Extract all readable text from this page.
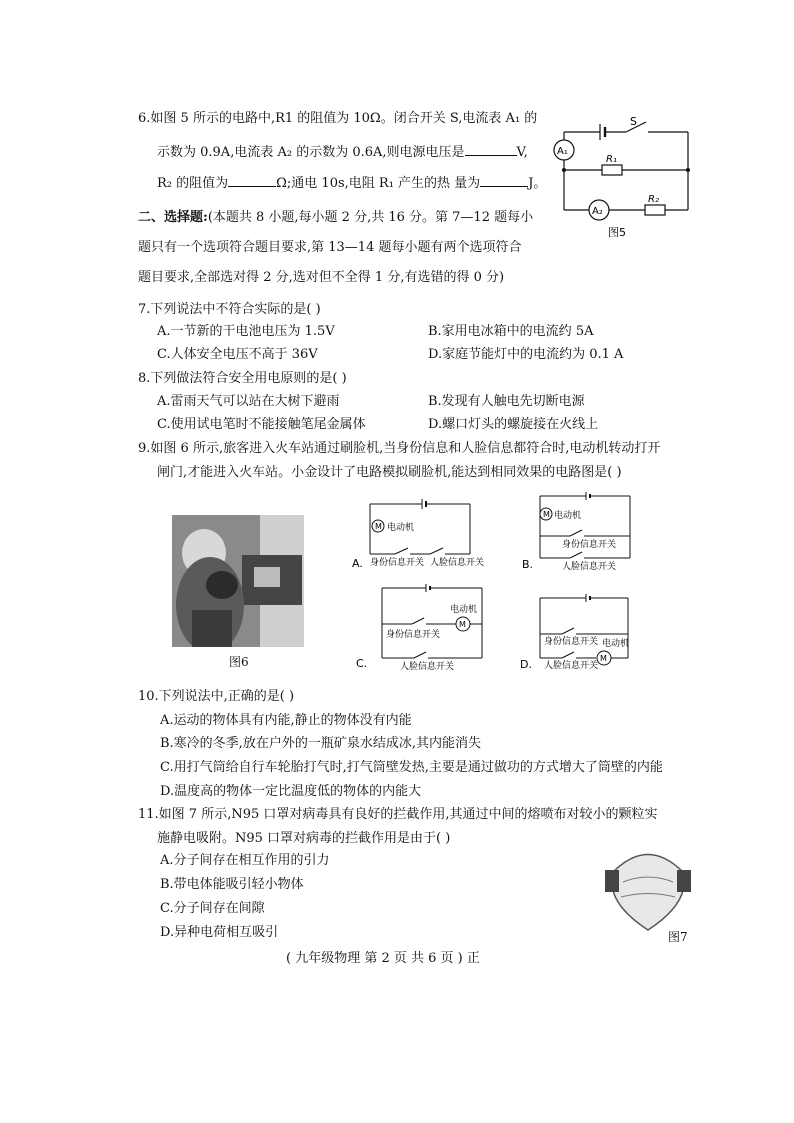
6.如图 5 所示的电路中,R1 的阻值为 10Ω。闭合开关 S,电流表 A₁ 的
示数为 0.9A,电流表 A₂ 的示数为 0.6A,则电源电压是	V,
R₂ 的阻值为	Ω;通电 10s,电阻 R₁ 产生的热 量为	J。
S
A₁
R₁
A₂
R₂
图5
二、选择题:(本题共 8 小题,每小题 2 分,共 16 分。第 7—12 题每小
题只有一个选项符合题目要求,第 13—14 题每小题有两个选项符合
题目要求,全部选对得 2 分,选对但不全得 1 分,有选错的得 0 分)
7.下列说法中不符合实际的是( )
A.一节新的干电池电压为 1.5V	B.家用电冰箱中的电流约 5A
C.人体安全电压不高于 36V	D.家庭节能灯中的电流约为 0.1 A
8.下列做法符合安全用电原则的是( )
A.雷雨天气可以站在大树下避雨	B.发现有人触电先切断电源
C.使用试电笔时不能接触笔尾金属体	D.螺口灯头的螺旋接在火线上
9.如图 6 所示,旅客进入火车站通过刷脸机,当身份信息和人脸信息都符合时,电动机转动打开
闸门,才能进入火车站。小金设计了电路模拟刷脸机,能达到相同效果的电路图是( )
图6
M 电动机
身份信息开关 人脸信息开关
A.
M 电动机
身份信息开关
人脸信息开关
B.
M
电动机
身份信息开关
人脸信息开关
C.	M
电动机
身份信息开关
人脸信息开关
D.
10.下列说法中,正确的是( )
A.运动的物体具有内能,静止的物体没有内能
B.寒冷的冬季,放在户外的一瓶矿泉水结成冰,其内能消失
C.用打气筒给自行车轮胎打气时,打气筒壁发热,主要是通过做功的方式增大了筒壁的内能
D.温度高的物体一定比温度低的物体的内能大
11.如图 7 所示,N95 口罩对病毒具有良好的拦截作用,其通过中间的熔喷布对较小的颗粒实
施静电吸附。N95 口罩对病毒的拦截作用是由于( )
A.分子间存在相互作用的引力
B.带电体能吸引轻小物体
C.分子间存在间隙
D.异种电荷相互吸引	图7
( 九年级物理 第 2 页 共 6 页 ) 正
